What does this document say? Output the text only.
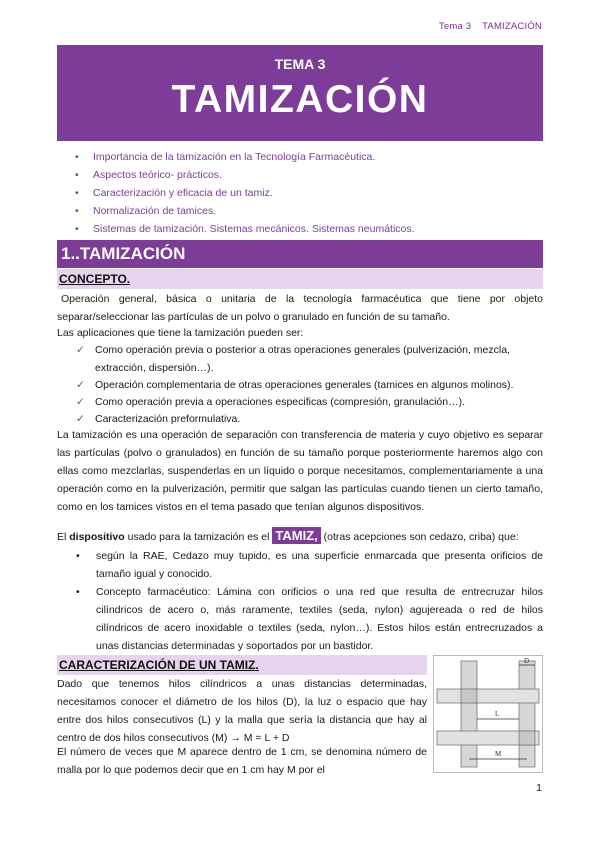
Tema 3 TAMIZACIÓN
TEMA 3
TAMIZACIÓN
• Importancia de la tamización en la Tecnología Farmacéutica.
• Aspectos teórico- prácticos.
• Caracterización y eficacia de un tamiz.
• Normalización de tamices.
• Sistemas de tamización. Sistemas mecánicos. Sistemas neumáticos.
1..TAMIZACIÓN
CONCEPTO.
Operación general, básica o unitaria de la tecnología farmacéutica que tiene por objeto separar/seleccionar las partículas de un polvo o granulado en función de su tamaño.
Las aplicaciones que tiene la tamización pueden ser:
✓ Como operación previa o posterior a otras operaciones generales (pulverización, mezcla, extracción, dispersión…).
✓ Operación complementaria de otras operaciones generales (tamices en algunos molinos).
✓ Como operación previa a operaciones especificas (compresión, granulación…).
✓ Caracterización preformulativa.
La tamización es una operación de separación con transferencia de materia y cuyo objetivo es separar las partículas (polvo o granulados) en función de su tamaño porque posteriormente haremos algo con ellas como mezclarlas, suspenderlas en un líquido o porque necesitamos, complementariamente a una operación como en la pulverización, permitir que salgan las partículas cuando tienen un cierto tamaño, como en los tamices vistos en el tema pasado que tenían algunos dispositivos.
El dispositivo usado para la tamización es el TAMIZ, (otras acepciones son cedazo, criba) que:
•	según la RAE, Cedazo muy tupido, es una superficie enmarcada que presenta orificios de tamaño igual y conocido.
•	Concepto farmacéutico: Lámina con orificios o una red que resulta de entrecruzar hilos cilíndricos de acero o, más raramente, textiles (seda, nylon) agujereada o red de hilos cilíndricos de acero inoxidable o textiles (seda, nylon…). Estos hilos están entrecruzados a unas distancias determinadas y soportados por un bastidor.
CARACTERIZACIÓN DE UN TAMIZ.
Dado que tenemos hilos cilíndricos a unas distancias determinadas, necesitamos conocer el diámetro de los hilos (D), la luz o espacio que hay entre dos hilos consecutivos (L) y la malla que sería la distancia que hay al centro de dos hilos consecutivos (M) → M = L + D
El número de veces que M aparece dentro de 1 cm, se denomina número de malla por lo que podemos decir que en 1 cm hay M por el
D
L
M
1
